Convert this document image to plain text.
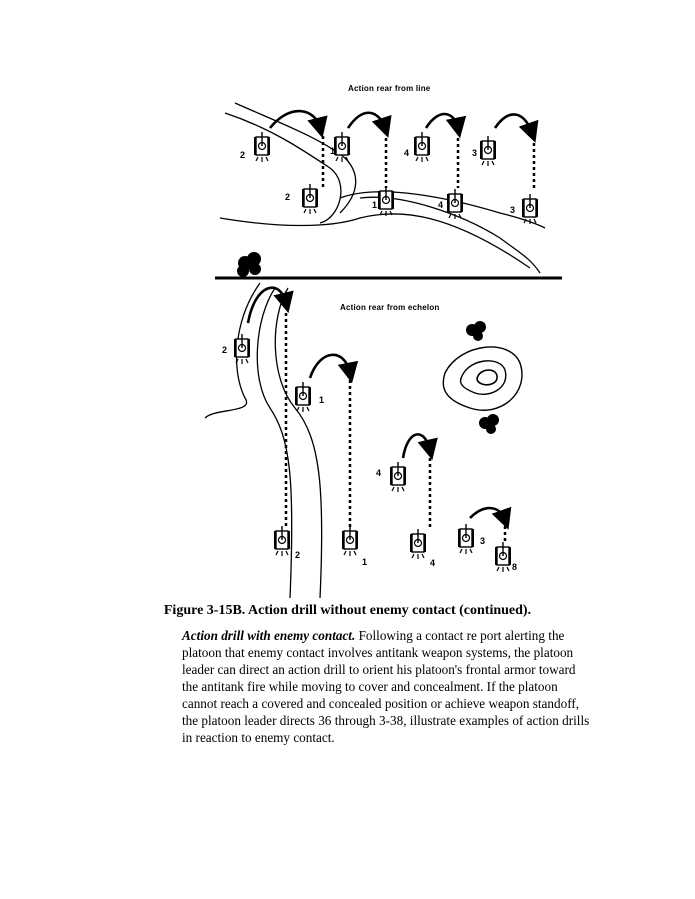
2	1	4	3
2
1	4	3
2
1
4
3
2
1	4	8
Action rear from line
Action rear from echelon
Figure 3-15B. Action drill without enemy contact (continued).
Action drill with enemy contact. Following a contact re port alerting the platoon that enemy contact involves antitank weapon systems, the platoon leader can direct an action drill to orient his platoon's frontal armor toward the antitank fire while moving to cover and concealment. If the platoon cannot reach a covered and concealed position or achieve weapon standoff, the platoon leader directs 36 through 3-38, illustrate examples of action drills in reaction to enemy contact.
